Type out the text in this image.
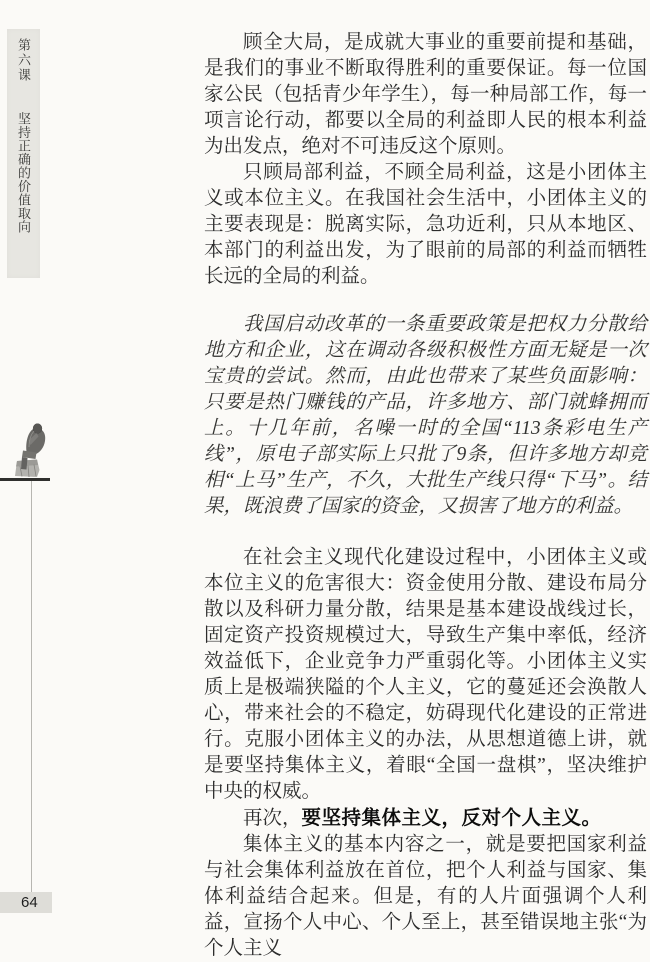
第六课 坚持正确的价值取向
64

顾全大局，是成就大事业的重要前提和基础，是我们的事业不断取得胜利的重要保证。每一位国家公民（包括青少年学生），每一种局部工作，每一项言论行动，都要以全局的利益即人民的根本利益为出发点，绝对不可违反这个原则。

只顾局部利益，不顾全局利益，这是小团体主义或本位主义。在我国社会生活中，小团体主义的主要表现是：脱离实际，急功近利，只从本地区、本部门的利益出发，为了眼前的局部的利益而牺牲长远的全局的利益。

我国启动改革的一条重要政策是把权力分散给地方和企业，这在调动各级积极性方面无疑是一次宝贵的尝试。然而，由此也带来了某些负面影响：只要是热门赚钱的产品，许多地方、部门就蜂拥而上。十几年前，名噪一时的全国“113条彩电生产线”，原电子部实际上只批了9条，但许多地方却竞相“上马”生产，不久，大批生产线只得“下马”。结果，既浪费了国家的资金，又损害了地方的利益。

在社会主义现代化建设过程中，小团体主义或本位主义的危害很大：资金使用分散、建设布局分散以及科研力量分散，结果是基本建设战线过长，固定资产投资规模过大，导致生产集中率低，经济效益低下，企业竞争力严重弱化等。小团体主义实质上是极端狭隘的个人主义，它的蔓延还会涣散人心，带来社会的不稳定，妨碍现代化建设的正常进行。克服小团体主义的办法，从思想道德上讲，就是要坚持集体主义，着眼“全国一盘棋”，坚决维护中央的权威。

再次，要坚持集体主义，反对个人主义。

集体主义的基本内容之一，就是要把国家利益与社会集体利益放在首位，把个人利益与国家、集体利益结合起来。但是，有的人片面强调个人利益，宣扬个人中心、个人至上，甚至错误地主张“为个人主义
